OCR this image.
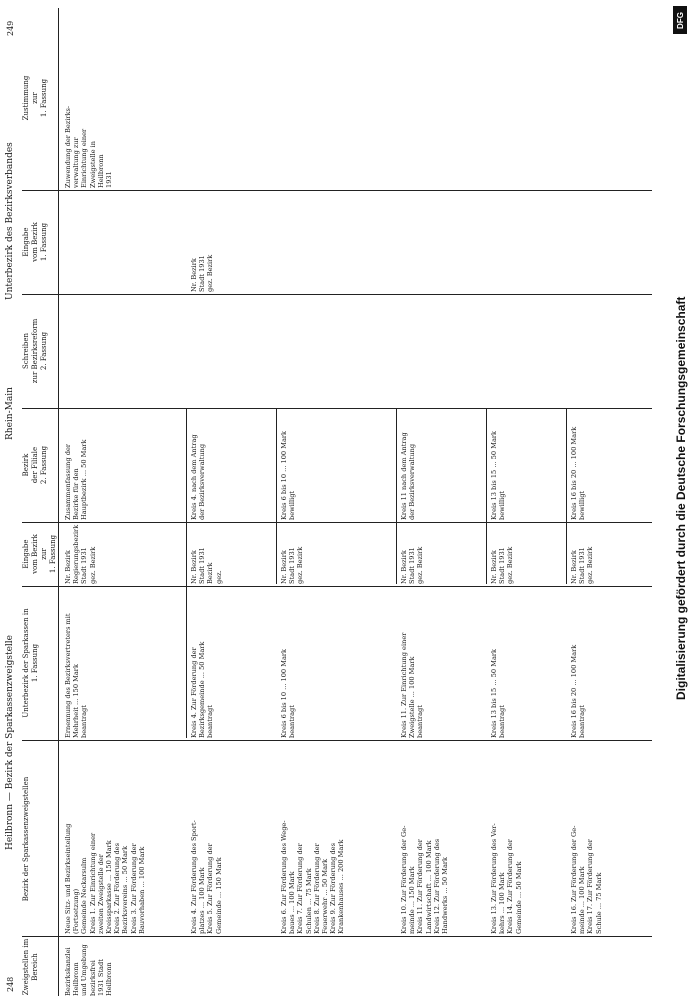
248
Heilbronn — Bezirk der Sparkassenzweigstelle
Rhein-Main
Unterbezirk des Bezirksverbandes
249
Zweigstellen im Bereich
Bezirk der Sparkassenzweigstellen
Unterbezirk der Sparkassen in
1. Fassung
Eingabe
vom Bezirk
zur
1. Fassung
Bezirk
der Filiale
2. Fassung
Schreiben
zur Bezirksreform
2. Fassung
Eingabe
vom Bezirk
1. Fassung
Zustimmung
zur
1. Fassung
Bezirkskanzlei
Heilbronn
und Umgebung
bezirksfrei
1931 Stadt
Heilbronn
Neue Sitz- und Bezirkseinteilung
(Fortsetzung)
Gemeinde Neckarsulm
Kreis 1. Zur Einrichtung einer
zweiten Zweigstelle der
Kreissparkasse ... 150 Mark
Kreis 2. Zur Förderung des
Bezirksvereins ... 50 Mark
Kreis 3. Zur Förderung der
Bauvorhaben ... 100 Mark
Ernennung des Bezirksvertreters mit
Mehrheit ... 150 Mark
beantragt
Nr. Bezirk
Regierungsbezirk
Stadt 1931
gez. Bezirk
Zusammenfassung der
Bezirke für den
Hauptbezirk ... 50 Mark
Zuwendung der Bezirks-
verwaltung zur
Einrichtung einer
Zweigstelle in
Heilbronn
1931
Kreis 4. Zur Förderung des Sport-
platzes ... 100 Mark
Kreis 5. Zur Förderung der
Gemeinde ... 150 Mark
Kreis 4. Zur Förderung der
Bezirksgemeinde ... 50 Mark
beantragt
Nr. Bezirk
Stadt 1931
Bezirk
gez.
Kreis 4. nach dem Antrag
der Bezirksverwaltung
Nr. Bezirk
Stadt 1931
gez. Bezirk
Kreis 6. Zur Förderung des Wege-
baues ... 100 Mark
Kreis 7. Zur Förderung der
Schulen ... 75 Mark
Kreis 8. Zur Förderung der
Feuerwehr ... 50 Mark
Kreis 9. Zur Förderung des
Krankenhauses ... 200 Mark
Kreis 6 bis 10 ... 100 Mark
beantragt
Nr. Bezirk
Stadt 1931
gez. Bezirk
Kreis 6 bis 10 ... 100 Mark
bewilligt
Kreis 10. Zur Förderung der Ge-
meinde ... 150 Mark
Kreis 11. Zur Förderung der
Landwirtschaft ... 100 Mark
Kreis 12. Zur Förderung des
Handwerks ... 50 Mark
Kreis 11. Zur Einrichtung einer
Zweigstelle ... 100 Mark
beantragt
Nr. Bezirk
Stadt 1931
gez. Bezirk
Kreis 11 nach dem Antrag
der Bezirksverwaltung
Kreis 13. Zur Förderung des Ver-
kehrs ... 100 Mark
Kreis 14. Zur Förderung der
Gemeinde ... 50 Mark
Kreis 13 bis 15 ... 50 Mark
beantragt
Nr. Bezirk
Stadt 1931
gez. Bezirk
Kreis 13 bis 15 ... 50 Mark
bewilligt
Kreis 16. Zur Förderung der Ge-
meinde ... 100 Mark
Kreis 17. Zur Förderung der
Schule ... 75 Mark
Kreis 16 bis 20 ... 100 Mark
beantragt
Nr. Bezirk
Stadt 1931
gez. Bezirk
Kreis 16 bis 20 ... 100 Mark
bewilligt
DFG
Digitalisierung gefördert durch die Deutsche Forschungsgemeinschaft
